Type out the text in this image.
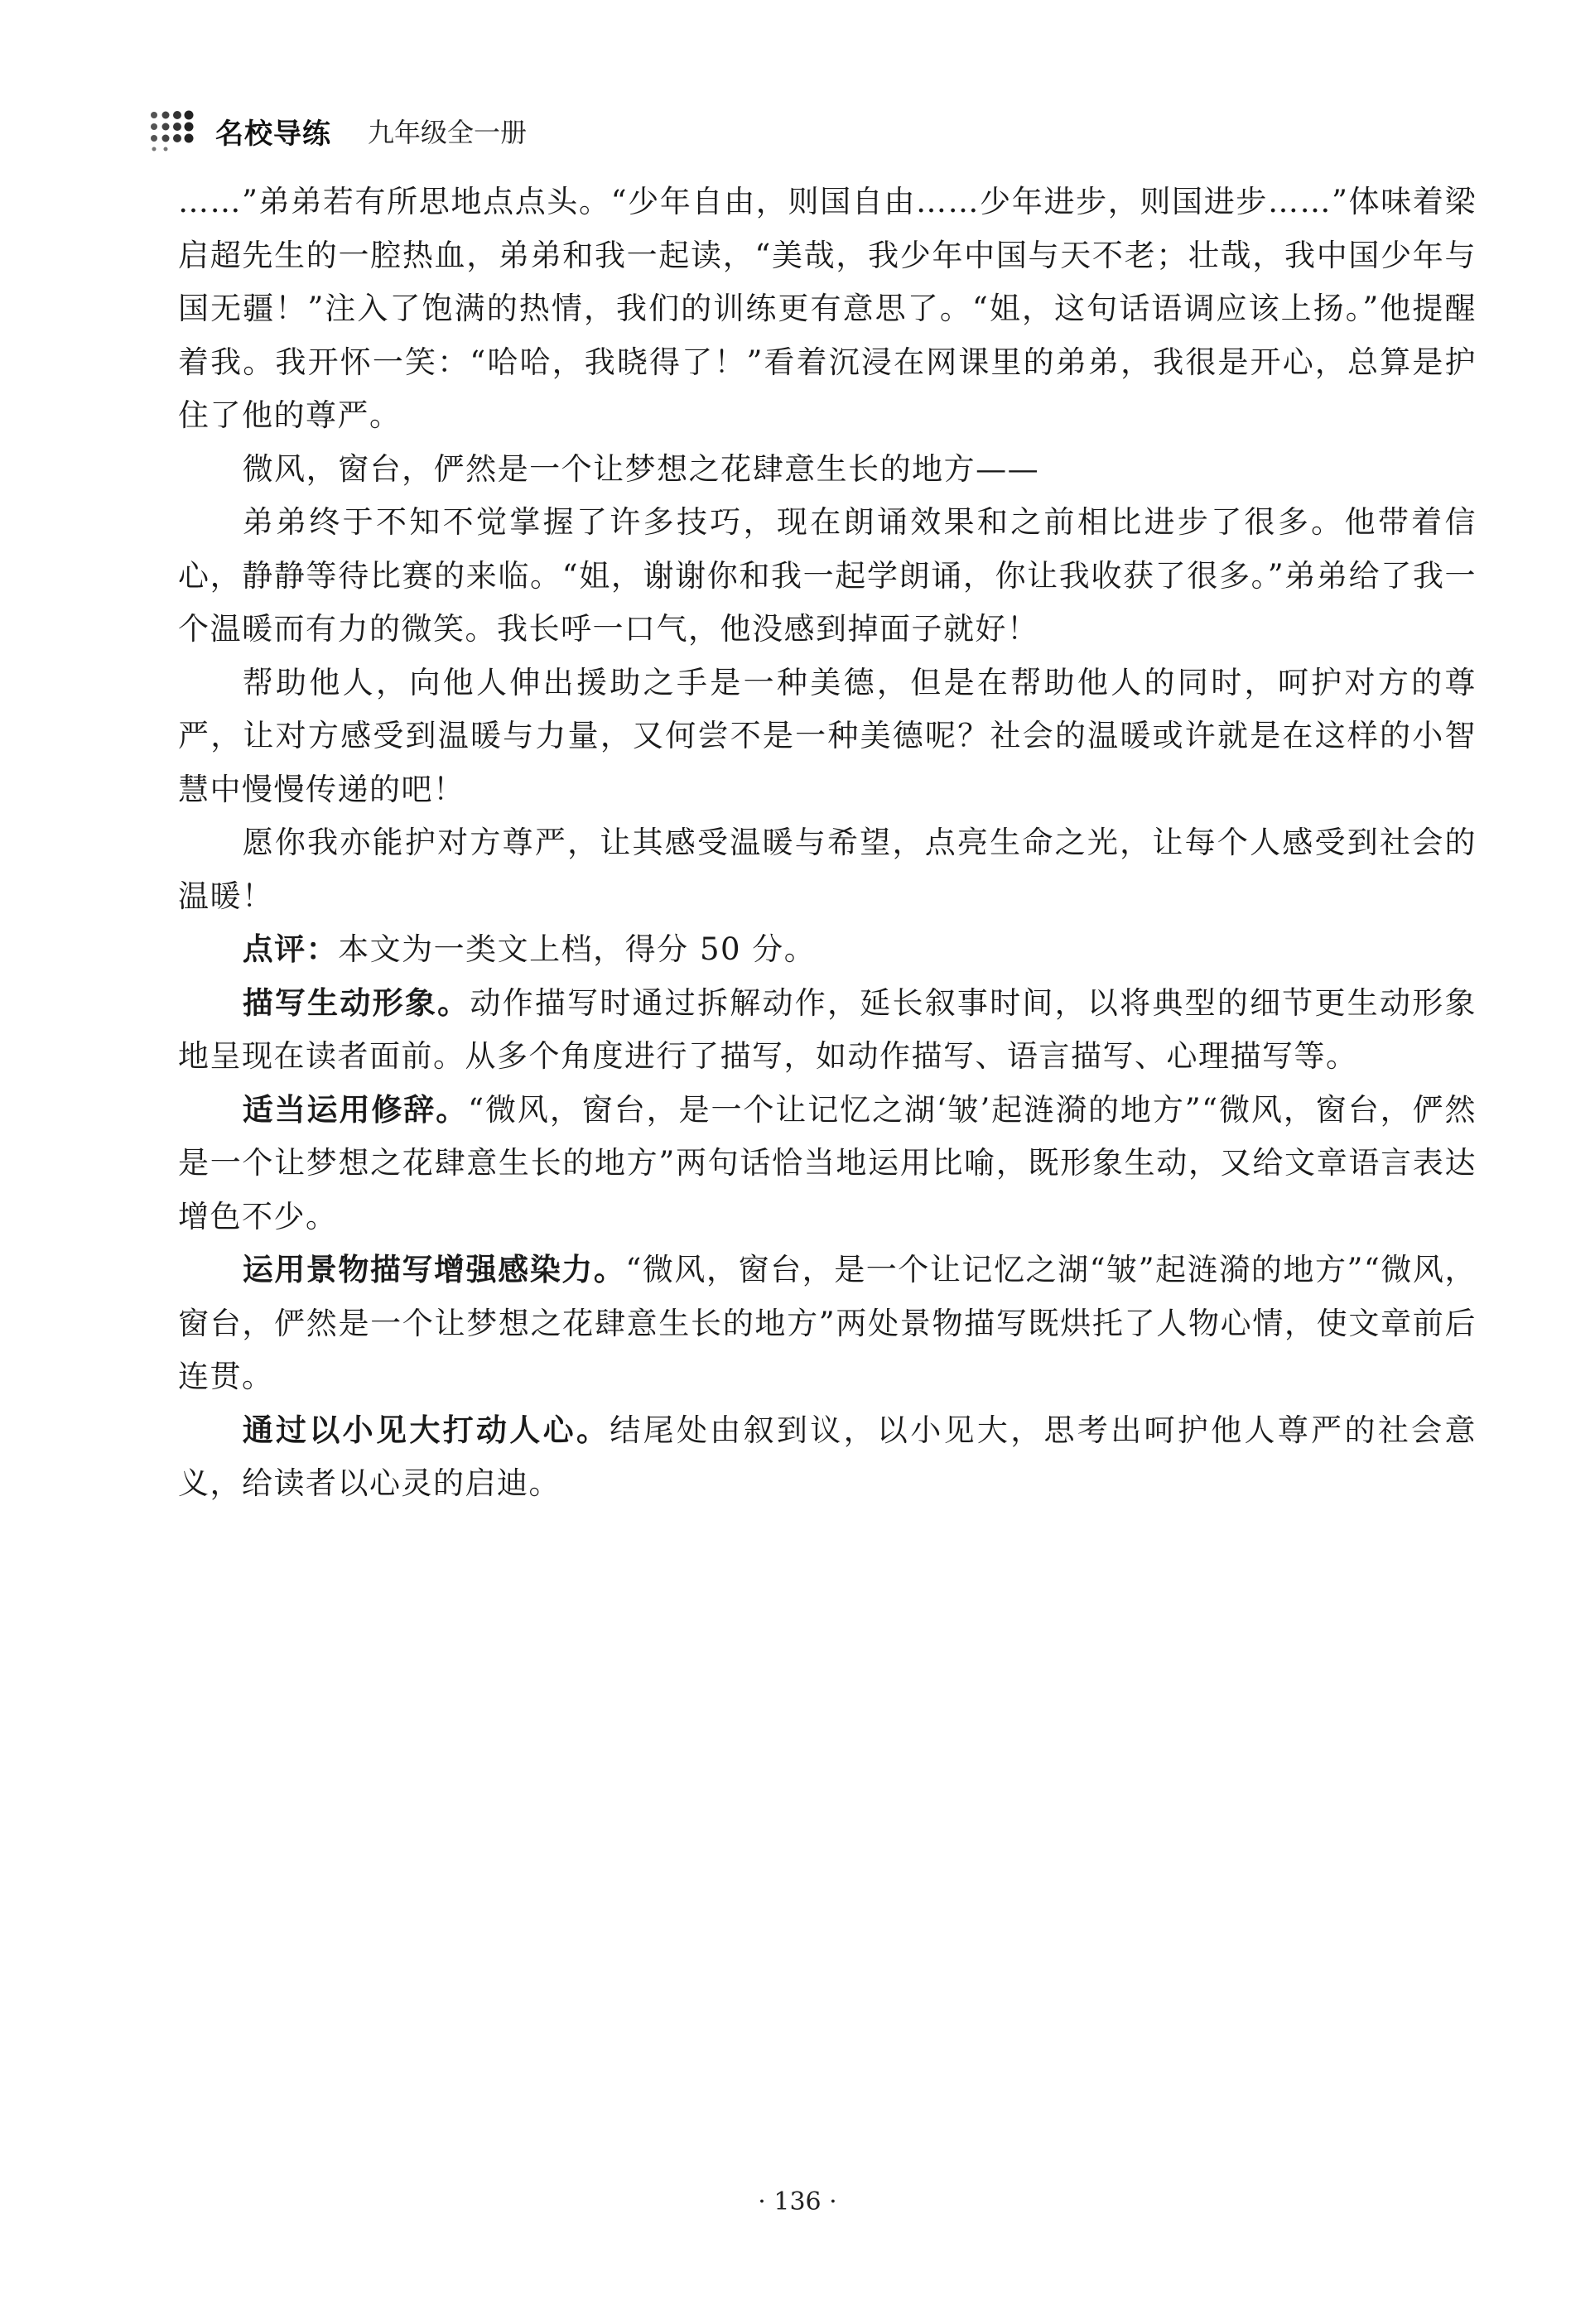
名校导练 九年级全一册

……”弟弟若有所思地点点头。“少年自由，则国自由……少年进步，则国进步……”体味着梁启超先生的一腔热血，弟弟和我一起读，“美哉，我少年中国与天不老；壮哉，我中国少年与国无疆！”注入了饱满的热情，我们的训练更有意思了。“姐，这句话语调应该上扬。”他提醒着我。我开怀一笑：“哈哈，我晓得了！”看着沉浸在网课里的弟弟，我很是开心，总算是护住了他的尊严。

微风，窗台，俨然是一个让梦想之花肆意生长的地方——

弟弟终于不知不觉掌握了许多技巧，现在朗诵效果和之前相比进步了很多。他带着信心，静静等待比赛的来临。“姐，谢谢你和我一起学朗诵，你让我收获了很多。”弟弟给了我一个温暖而有力的微笑。我长呼一口气，他没感到掉面子就好！

帮助他人，向他人伸出援助之手是一种美德，但是在帮助他人的同时，呵护对方的尊严，让对方感受到温暖与力量，又何尝不是一种美德呢？社会的温暖或许就是在这样的小智慧中慢慢传递的吧！

愿你我亦能护对方尊严，让其感受温暖与希望，点亮生命之光，让每个人感受到社会的温暖！

点评：本文为一类文上档，得分 50 分。

描写生动形象。动作描写时通过拆解动作，延长叙事时间，以将典型的细节更生动形象地呈现在读者面前。从多个角度进行了描写，如动作描写、语言描写、心理描写等。

适当运用修辞。“微风，窗台，是一个让记忆之湖‘皱’起涟漪的地方”“微风，窗台，俨然是一个让梦想之花肆意生长的地方”两句话恰当地运用比喻，既形象生动，又给文章语言表达增色不少。

运用景物描写增强感染力。“微风，窗台，是一个让记忆之湖“皱”起涟漪的地方”“微风，窗台，俨然是一个让梦想之花肆意生长的地方”两处景物描写既烘托了人物心情，使文章前后连贯。

通过以小见大打动人心。结尾处由叙到议，以小见大，思考出呵护他人尊严的社会意义，给读者以心灵的启迪。

· 136 ·
